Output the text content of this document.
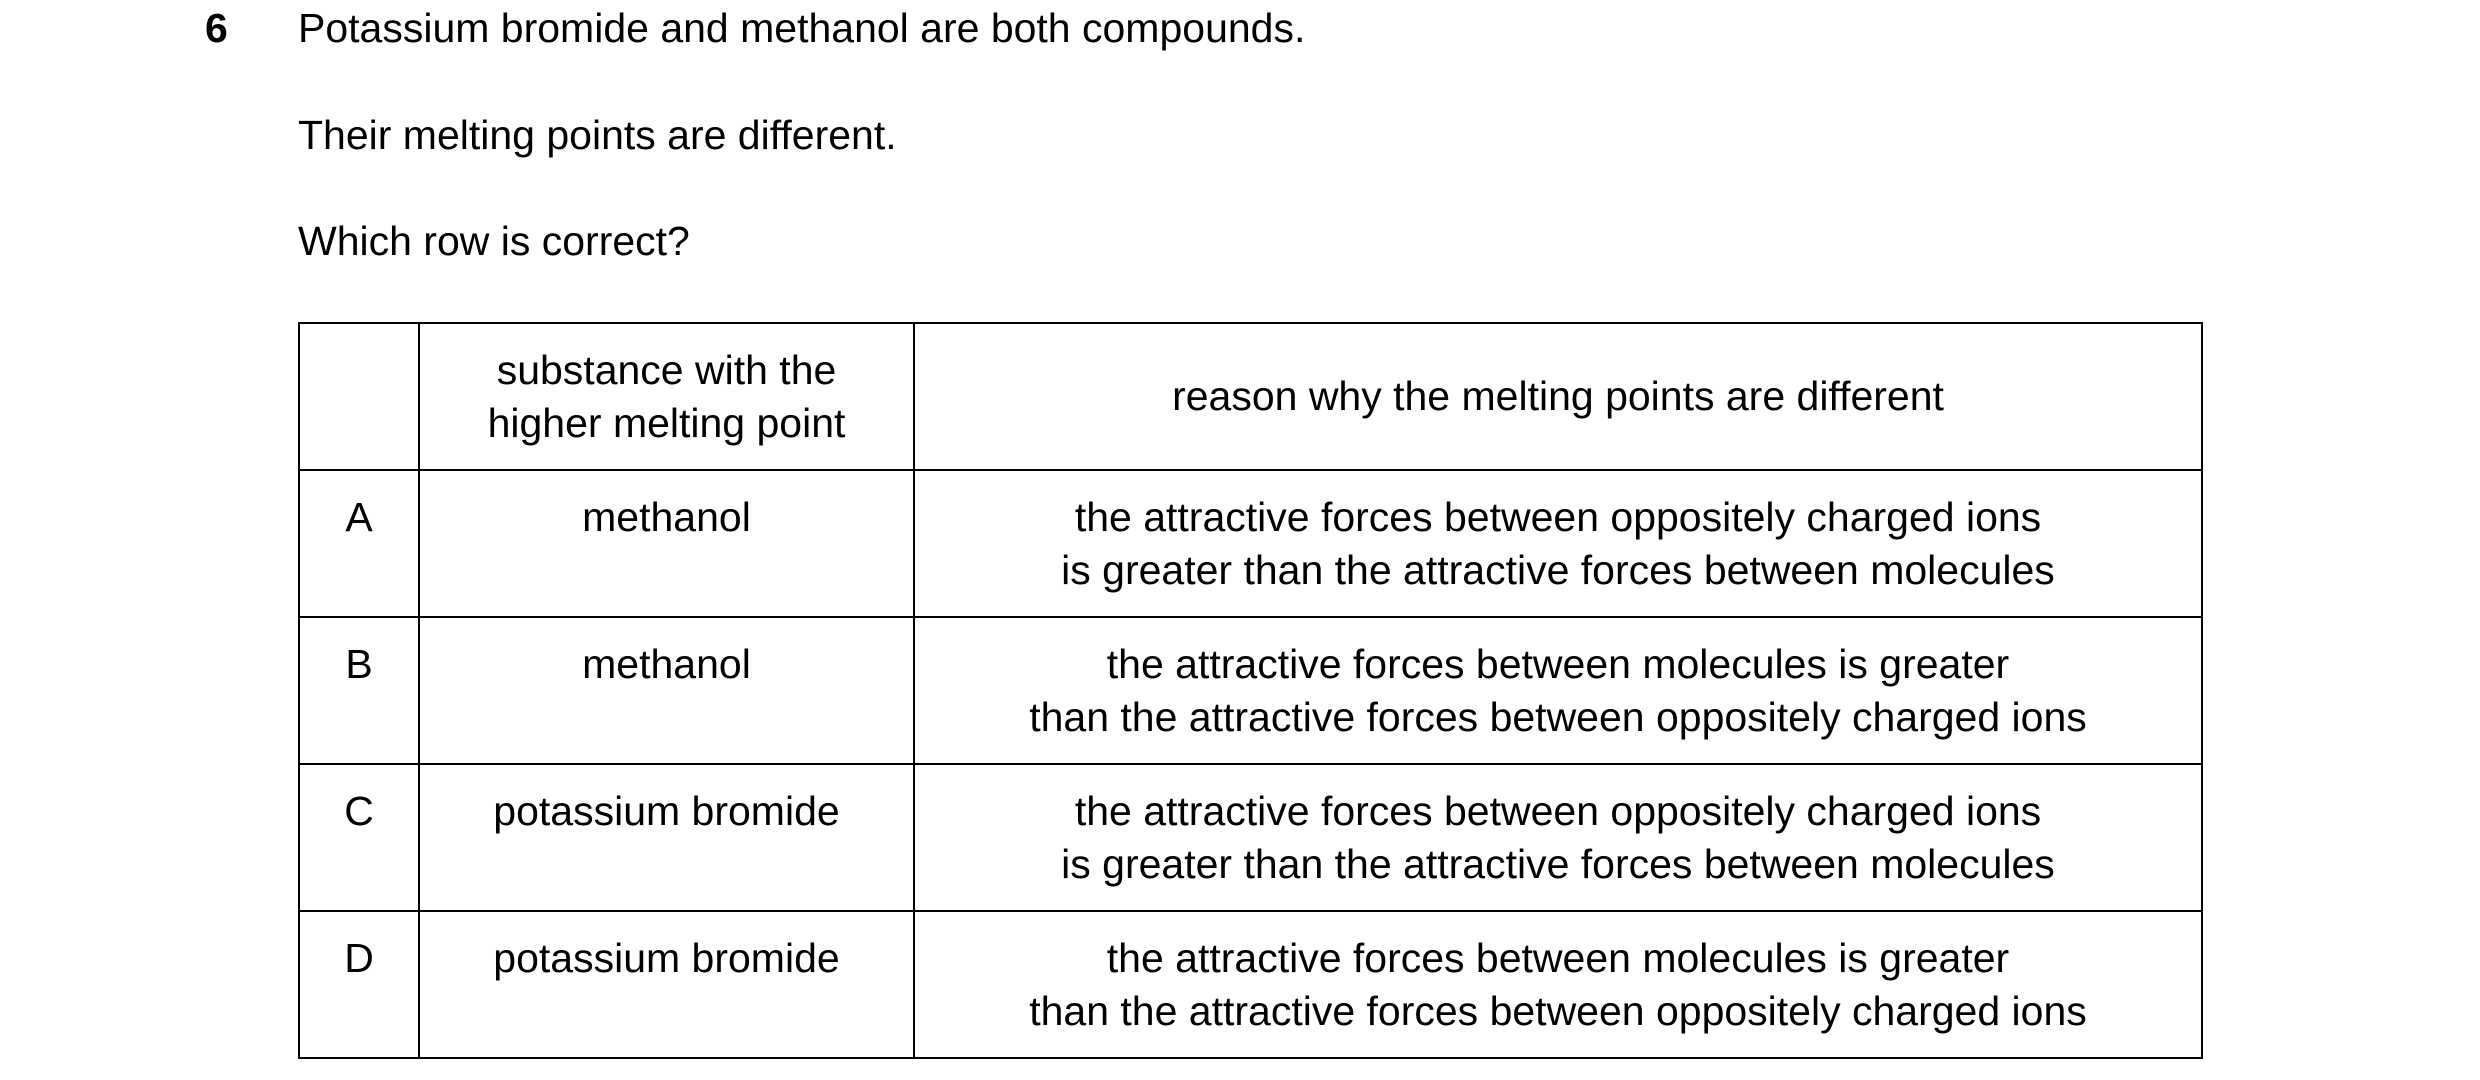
6 Potassium bromide and methanol are both compounds.
Their melting points are different.
Which row is correct?

	substance with the
higher melting point	reason why the melting points are different

A	methanol	the attractive forces between oppositely charged ions
is greater than the attractive forces between molecules

B	methanol	the attractive forces between molecules is greater
than the attractive forces between oppositely charged ions

C	potassium bromide	the attractive forces between oppositely charged ions
is greater than the attractive forces between molecules

D	potassium bromide	the attractive forces between molecules is greater
than the attractive forces between oppositely charged ions
